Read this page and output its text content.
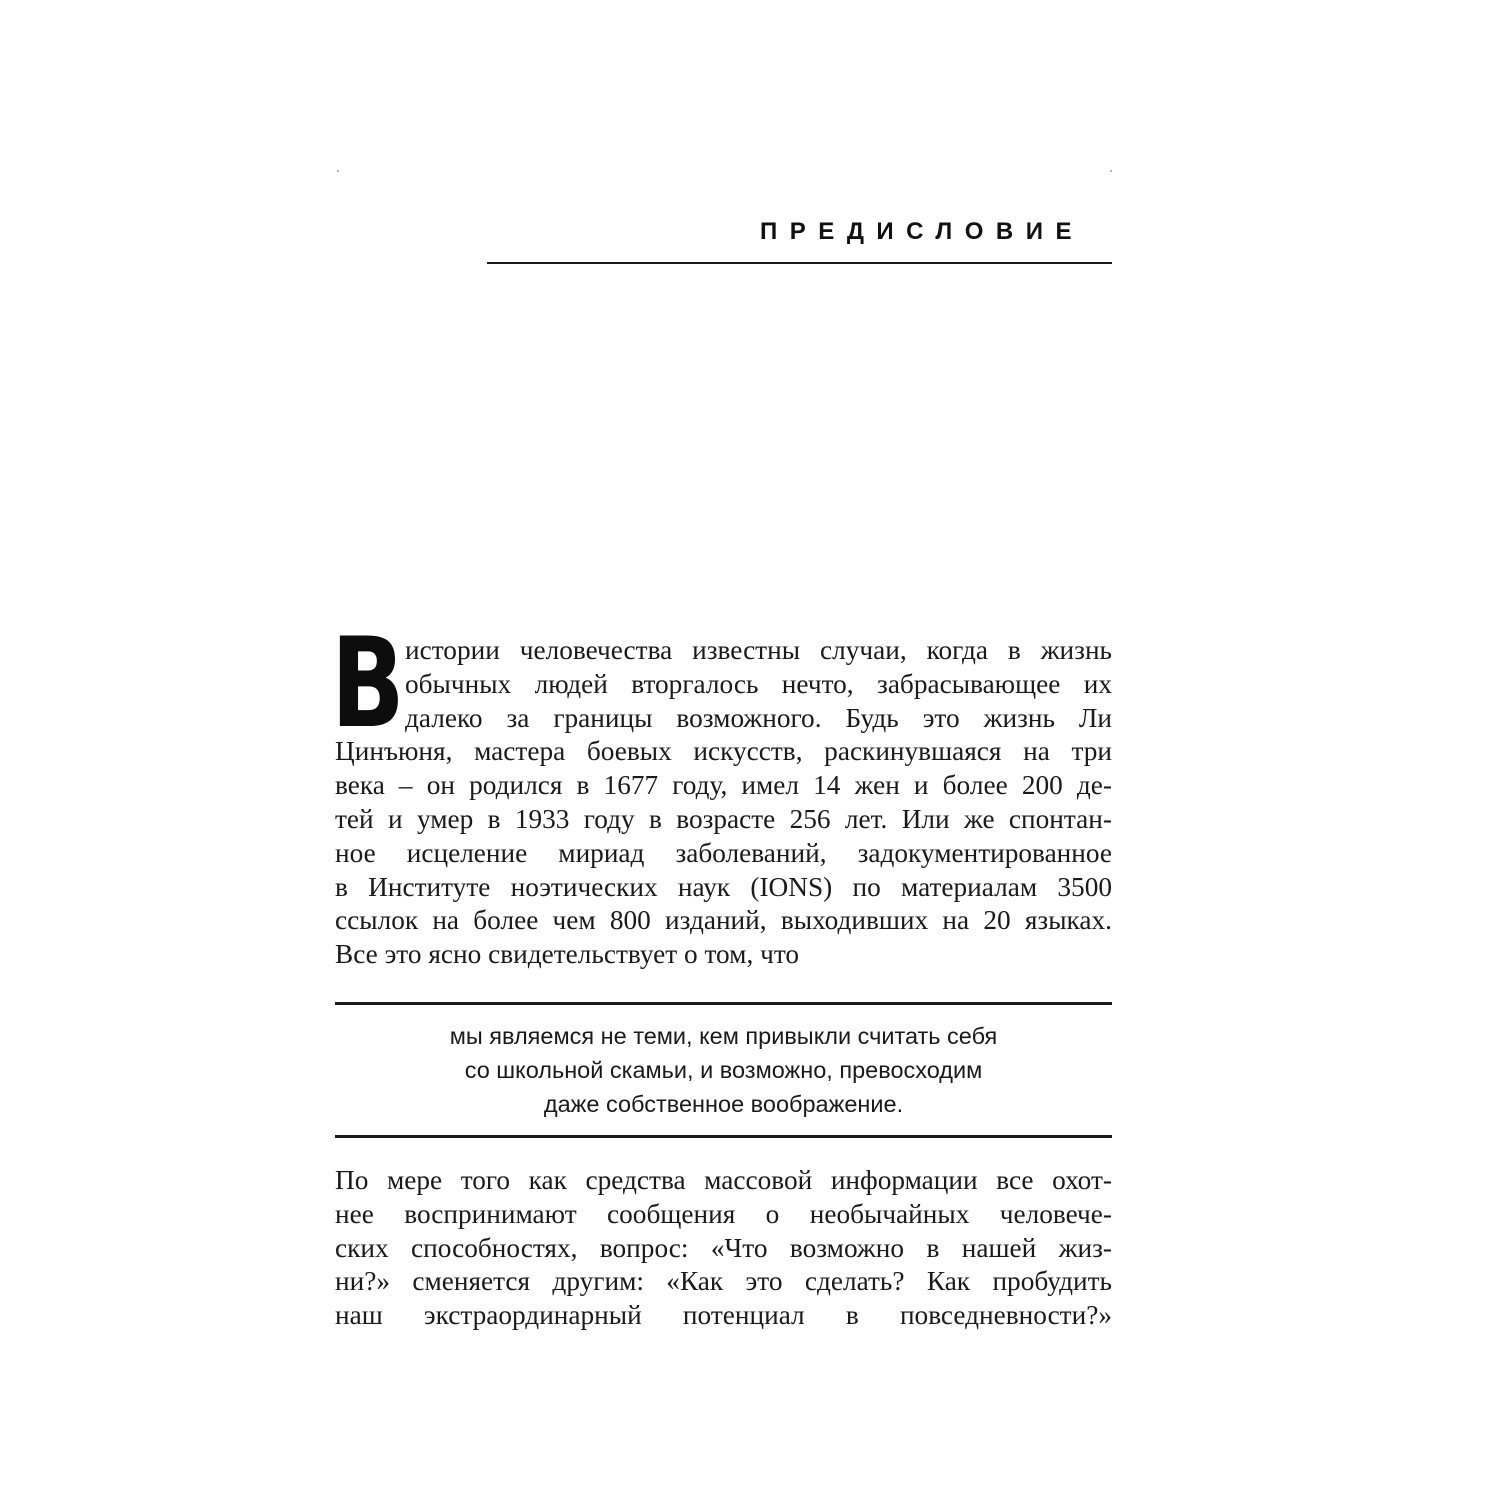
ПРЕДИСЛОВИЕ
В истории человечества известны случаи, когда в жизнь
обычных людей вторгалось нечто, забрасывающее их
далеко за границы возможного. Будь это жизнь Ли
Цинъюня, мастера боевых искусств, раскинувшаяся на три
века – он родился в 1677 году, имел 14 жен и более 200 де-
тей и умер в 1933 году в возрасте 256 лет. Или же спонтан-
ное исцеление мириад заболеваний, задокументированное
в Институте ноэтических наук (IONS) по материалам 3500
ссылок на более чем 800 изданий, выходивших на 20 языках.
Все это ясно свидетельствует о том, что
мы являемся не теми, кем привыкли считать себя
со школьной скамьи, и возможно, превосходим
даже собственное воображение.
По мере того как средства массовой информации все охот-
нее воспринимают сообщения о необычайных человече-
ских способностях, вопрос: «Что возможно в нашей жиз-
ни?» сменяется другим: «Как это сделать? Как пробудить
наш экстраординарный потенциал в повседневности?»
